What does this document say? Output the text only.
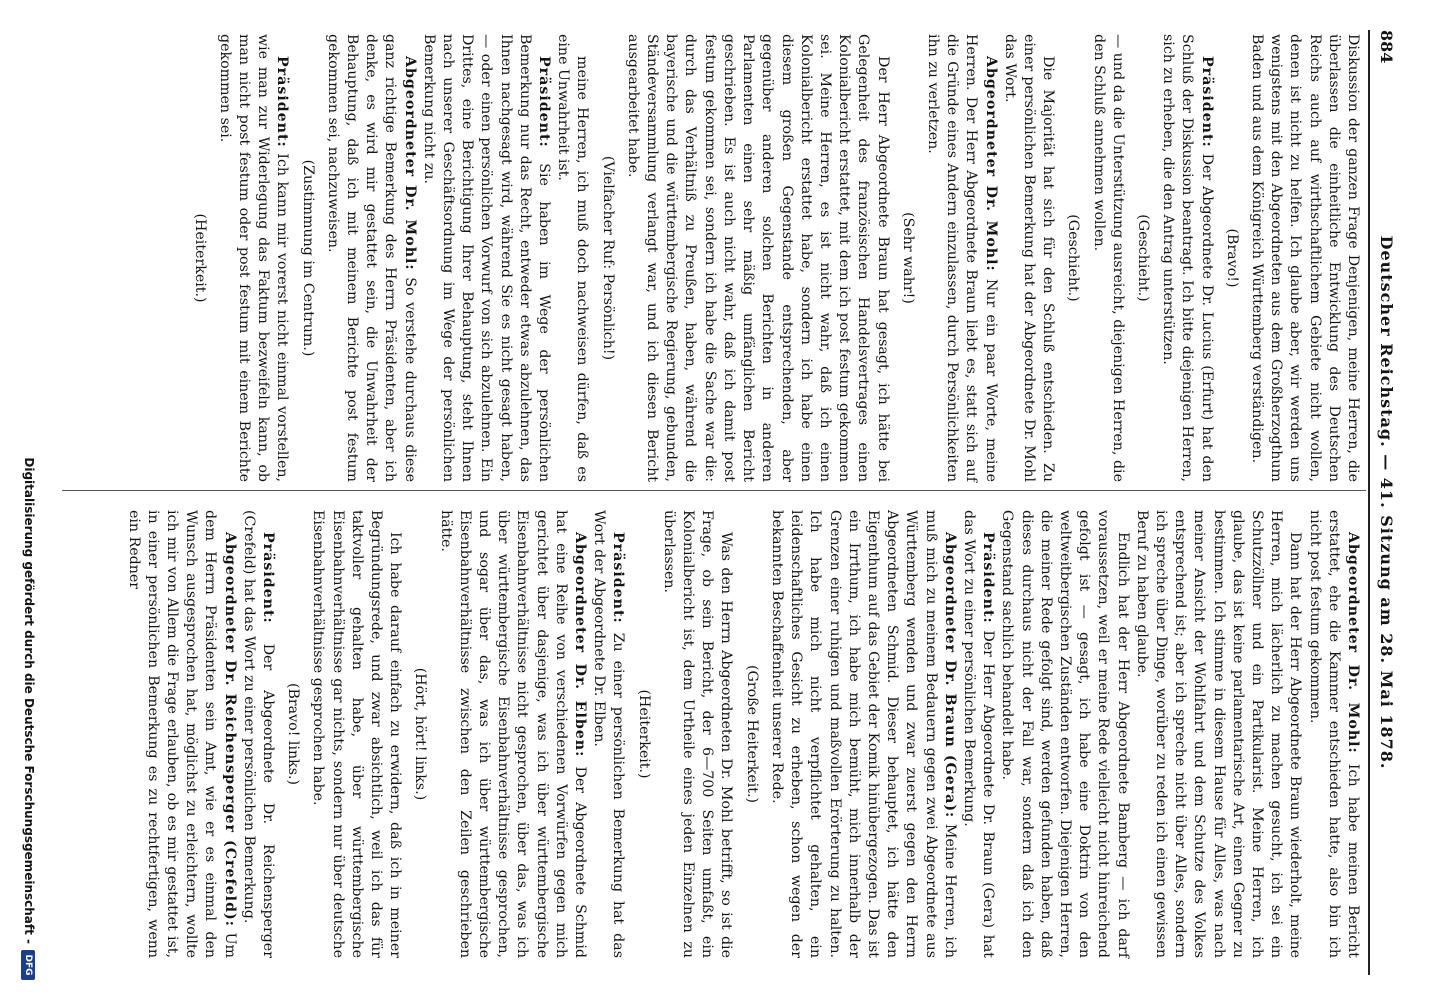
884
Deutscher Reichstag. — 41. Sitzung am 28. Mai 1878.

Diskussion der ganzen Frage Denjenigen, meine Herren, die überlassen die einheitliche Entwicklung des Deutschen Reichs auch auf wirthschaftlichem Gebiete nicht wollen, denen ist nicht zu helfen. Ich glaube aber, wir werden uns wenigstens mit den Abgeordneten aus dem Großherzogthum Baden und aus dem Königreich Württemberg verständigen.

(Bravo!)

Präsident: Der Abgeordnete Dr. Lucius (Erfurt) hat den Schluß der Diskussion beantragt. Ich bitte diejenigen Herren, sich zu erheben, die den Antrag unterstützen.

(Geschieht.)

— und da die Unterstützung ausreicht, diejenigen Herren, die den Schluß annehmen wollen.

(Geschieht.)

Die Majorität hat sich für den Schluß entschieden. Zu einer persönlichen Bemerkung hat der Abgeordnete Dr. Mohl das Wort.

Abgeordneter Dr. Mohl: Nur ein paar Worte, meine Herren. Der Herr Abgeordnete Braun liebt es, statt sich auf die Gründe eines Andern einzulassen, durch Persönlichkeiten ihn zu verletzen.

(Sehr wahr!)

Der Herr Abgeordnete Braun hat gesagt, ich hätte bei Gelegenheit des französischen Handelsvertrages einen Kolonialbericht erstattet, mit dem ich post festum gekommen sei. Meine Herren, es ist nicht wahr, daß ich einen Kolonialbericht erstattet habe, sondern ich habe einen diesem großen Gegenstande entsprechenden, aber gegenüber anderen solchen Berichten in anderen Parlamenten einen sehr mäßig umfänglichen Bericht geschrieben. Es ist auch nicht wahr, daß ich damit post festum gekommen sei, sondern ich habe die Sache war die: durch das Verhältniß zu Preußen, haben, während die bayerische und die württembergische Regierung, gebunden, Ständeversammlung verlangt war, und ich diesen Bericht ausgearbeitet habe.

(Vielfacher Ruf: Persönlich!)

meine Herren, ich muß doch nachweisen dürfen, daß es eine Unwahrheit ist.

Präsident: Sie haben im Wege der persönlichen Bemerkung nur das Recht, entweder etwas abzulehnen, das Ihnen nachgesagt wird, während Sie es nicht gesagt haben, — oder einen persönlichen Vorwurf von sich abzulehnen. Ein Drittes, eine Berichtigung Ihrer Behauptung, steht Ihnen nach unserer Geschäftsordnung im Wege der persönlichen Bemerkung nicht zu.

Abgeordneter Dr. Mohl: So verstehe durchaus diese ganz richtige Bemerkung des Herrn Präsidenten, aber ich denke, es wird mir gestattet sein, die Unwahrheit der Behauptung, daß ich mit meinem Berichte post festum gekommen sei, nachzuweisen.

(Zustimmung im Centrum.)

Präsident: Ich kann mir vorerst nicht einmal vorstellen, wie man zur Widerlegung das Faktum bezweifeln kann, ob man nicht post festum oder post festum mit einem Berichte gekommen sei.

(Heiterkeit.)

Abgeordneter Dr. Mohl: Ich habe meinen Bericht erstattet, ehe die Kammer entschieden hatte, also bin ich nicht post festum gekommen.

Dann hat der Herr Abgeordnete Braun wiederholt, meine Herren, mich lächerlich zu machen gesucht, ich sei ein Schutzzöllner und ein Partikularist. Meine Herren, ich glaube, das ist keine parlamentarische Art, einen Gegner zu bestimmen. Ich stimme in diesem Hause für Alles, was nach meiner Ansicht der Wohlfahrt und dem Schutze des Volkes entsprechend ist; aber ich spreche nicht über Alles, sondern ich spreche über Dinge, worüber zu reden ich einen gewissen Beruf zu haben glaube.

Endlich hat der Herr Abgeordnete Bamberg — ich darf voraussetzen, weil er meine Rede vielleicht nicht hinreichend gefolgt ist — gesagt, ich habe eine Doktrin von den weltweitbergischen Zuständen entworfen. Diejenigen Herren, die meiner Rede gefolgt sind, werden gefunden haben, daß dieses durchaus nicht der Fall war, sondern daß ich den Gegenstand sachlich behandelt habe.

Präsident: Der Herr Abgeordnete Dr. Braun (Gera) hat das Wort zu einer persönlichen Bemerkung.

Abgeordneter Dr. Braun (Gera): Meine Herren, ich muß mich zu meinem Bedauern gegen zwei Abgeordnete aus Württemberg wenden und zwar zuerst gegen den Herrn Abgeordneten Schmid. Dieser behauptet, ich hätte den Eigenthum auf das Gebiet der Komik hinübergezogen. Das ist ein Irrthum, ich habe mich bemüht, mich innerhalb der Grenzen einer ruhigen und maßvollen Erörterung zu halten. Ich habe mich nicht verpflichtet gehalten, ein leidenschaftliches Gesicht zu erheben, schon wegen der bekannten Beschaffenheit unserer Rede.

(Große Heiterkeit.)

Was den Herrn Abgeordneten Dr. Mohl betrifft, so ist die Frage, ob sein Bericht, der 6—700 Seiten umfaßt, ein Kolonialbericht ist, dem Urtheile eines jeden Einzelnen zu überlassen.

(Heiterkeit.)

Präsident: Zu einer persönlichen Bemerkung hat das Wort der Abgeordnete Dr. Elben.

Abgeordneter Dr. Elben: Der Abgeordnete Schmid hat eine Reihe von verschiedenen Vorwürfen gegen mich gerichtet über dasjenige, was ich über württembergische Eisenbahnverhältnisse nicht gesprochen, über das, was ich über württembergische Eisenbahnverhältnisse gesprochen, und sogar über das, was ich über württembergische Eisenbahnverhältnisse zwischen den Zeilen geschrieben hätte.

(Hört, hört! links.)

Ich habe darauf einfach zu erwidern, daß ich in meiner Begründungsrede, und zwar absichtlich, weil ich das für taktvoller gehalten habe, über württembergische Eisenbahnverhältnisse gar nichts, sondern nur über deutsche Eisenbahnverhältnisse gesprochen habe.

(Bravo! links.)

Präsident: Der Abgeordnete Dr. Reichensperger (Crefeld) hat das Wort zu einer persönlichen Bemerkung.

Abgeordneter Dr. Reichensperger (Crefeld): Um dem Herrn Präsidenten sein Amt, wie er es einmal den Wunsch ausgesprochen hat, möglichst zu erleichtern, wollte ich mir von Allem die Frage erlauben, ob es mir gestattet ist, in einer persönlichen Bemerkung es zu rechtfertigen, wenn ein Redner

Digitalisierung gefördert durch die Deutsche Forschungsgemeinschaft -DFG
